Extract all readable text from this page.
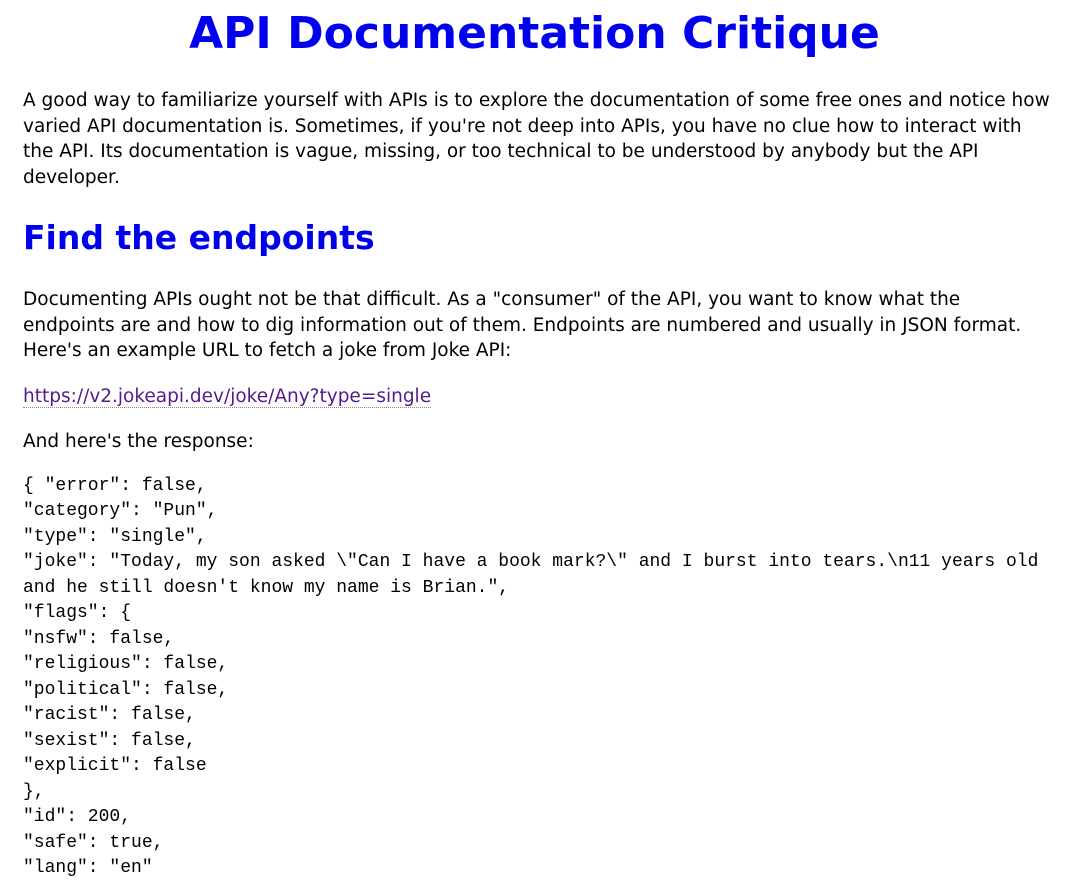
API Documentation Critique

A good way to familiarize yourself with APIs is to explore the documentation of some free ones and notice how varied API documentation is. Sometimes, if you're not deep into APIs, you have no clue how to interact with the API. Its documentation is vague, missing, or too technical to be understood by anybody but the API developer.

Find the endpoints

Documenting APIs ought not be that difficult. As a "consumer" of the API, you want to know what the endpoints are and how to dig information out of them. Endpoints are numbered and usually in JSON format. Here's an example URL to fetch a joke from Joke API:

https://v2.jokeapi.dev/joke/Any?type=single

And here's the response:

{ "error": false,
"category": "Pun",
"type": "single",
"joke": "Today, my son asked \"Can I have a book mark?\" and I burst into tears.\n11 years old and he still doesn't know my name is Brian.",
"flags": {
"nsfw": false,
"religious": false,
"political": false,
"racist": false,
"sexist": false,
"explicit": false
},
"id": 200,
"safe": true,
"lang": "en"
